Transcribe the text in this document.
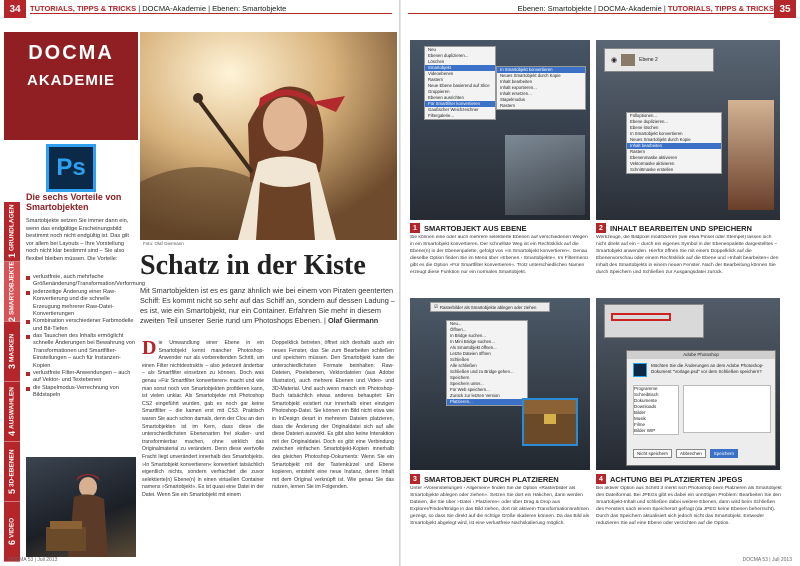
34	TUTORIALS, TIPPS & TRICKS | DOCMA-Akademie | Ebenen: Smartobjekte
DOCMA
AKADEMIE
Ps
1

GRUNDLAGEN
2

SMARTOBJEKTE
3

MASKEN
4

AUSWAHLEN
5

3D-EBENEN
6

VIDEO
Die sechs Vorteile von Smartobjekten
Smartobjekte setzen Sie immer dann ein, wenn das endgültige Erscheinungsbild bestimmt noch nicht endgültig ist. Das gilt vor allem bei Layouts – Ihre Vorstellung noch nicht klar bestimmt sind – Sie also flexibel bleiben müssen. Die Vorteile:
verlustfreie, auch mehrfache Größenänderung/Transformation/Verformung
jederzeitige Änderung einer Raw-Konvertierung und die schnelle Erzeugung mehrerer Raw-Datei-Konvertierungen
Kombination verschiedener Farbmodelle und Bit-Tiefen
das Tauschen des Inhalts ermöglicht schnelle Änderungen bei Bewahrung von Transformationen und Smartfilter-Einstellungen – auch für Instanzen-Kopien
verlustfreie Filter-Anwendungen – auch auf Vektor- und Textebenen
die Stapelmodus-Verrechnung von Bildstapeln
Foto: Olaf Giermann
Schatz in der Kiste
Mit Smartobjekten ist es es ganz ähnlich wie bei einem von Piraten geenterten Schiff: Es kommt nicht so sehr auf das Schiff an, sondern auf dessen Ladung – es ist, wie ein Smartobjekt, nur ein Container. Erfahren Sie mehr in diesem zweiten Teil unserer Serie rund um Photoshops Ebenen. | Olaf Giermann
D ie Umwandlung einer Ebene in ein Smartobjekt kennt mancher Photoshop-Anwender nur als vorbereitenden Schritt, um einen Filter nichtdestruktiv – also jederzeit änderbar – als Smartfilter einsetzen zu können. Doch was genau »Für Smartfilter konvertieren« macht und wie man sonst noch von Smartobjekten profitieren kann, ist vielen unklar. Als Smartobjekte mit Photoshop CS2 eingeführt wurden, gab es noch gar keine Smartfilter – die kamen erst mit CS3. Praktisch waren Sie auch schon damals, denn der Clou an den Smartobjekten ist im Kern, dass diese die unterschiedlichsten Ebenenarten frei skalier- und transformierbar machen, ohne wirklich das Originalmaterial zu verändern. Denn diese wertvolle Fracht liegt unverändert innerhalb des Smartobjekts. »In Smartobjekt konvertieren« konvertiert tatsächlich eigentlich nichts, sondern verfrachtet die zuvor selektierte(n) Ebene(n) in einen virtuellen Container namens »Smartobjekt«. Es ist quasi eine Datei in der Datei. Wenn Sie ein Smartobjekt mit einem
Doppelklick betreten, öffnet sich deshalb auch ein neues Fenster, das Sie zum Bearbeiten schließen und speichern müssen. Den Smartobjekt kann die unterschiedlichsten Formate beinhalten: Raw-Dateien, Pixelebenen, Vektordateien (aus Adobe Illustrator), auch mehrere Ebenen und Video- und 3D-Material. Und auch wenn manch ein Photoshop-Buch tatsächlich etwas anderes behauptet: Ein Smartobjekt existiert nur innerhalb einer einzigen Photoshop-Datei. Sie können ein Bild nicht etwa wie in InDesign derart in mehreren Dateien platzieren, dass die Änderung der Originaldatei sich auf alle diese Dateien auswirkt. Es gibt also keine Interaktion mit der Originaldatei. Doch es gibt eine Verbindung zwischen einfachen Smartobjekt-Kopien innerhalb des gleichen Photoshop-Dokuments: Wenn Sie ein Smartobjekt mit der Tastenkürzel und Ebene kopieren, entsteht eine neue Instanz, deren Inhalt mit dem Original verknüpft ist. Wie genau Sie das nutzen, lernen Sie im Folgenden.
DOCMA 53 | Juli 2013
Ebenen: Smartobjekte | DOCMA-Akademie | TUTORIALS, TIPPS & TRICKS 35
Neu
Ebenen duplizieren...
Löschen
Smartobjekt
Videoebenen
Rastern
Neue Ebene basierend auf Slice
Gruppieren
Ebenen ausrichten
Für Smartfilter konvertieren
Gaußscher Weichzeichner
Filtergalerie...
In Smartobjekt konvertieren
Neues Smartobjekt durch Kopie
Inhalt bearbeiten
Inhalt exportieren...
Inhalt ersetzen...
Stapelmodus
Rastern
◉	Ebene 2
Fülloptionen...
Ebene duplizieren...
Ebene löschen
In Smartobjekt konvertieren
Neues Smartobjekt durch Kopie
Inhalt bearbeiten
Rastern
Ebenenmaske aktivieren
Vektormaske aktivieren
Schnittmaske erstellen
1 SMARTOBJEKT AUS EBENE
Sie können eine oder auch mehrere selektierte Ebenen auf verschiedenen Wegen in ein Smartobjekt konvertieren. Der schnellste Weg ist ein Rechtsklick auf die Ebene(n) in der Ebenenpalette, gefolgt von »In Smartobjekt konvertieren«. Genau dieselbe Option finden Sie im Menü über »Ebenen › Smartobjekte«. Im Filtermenü gibt es die Option »Für Smartfilter konvertieren«. Trotz unterschiedlichen Namen erzeugt diese Funktion nur ein normales Smartobjekt.
2 INHALT BEARBEITEN UND SPEICHERN
Werkzeuge, die Bildpixel modifizieren (wie etwa Pinsel oder Stempel) lassen sich nicht direkt auf ein – durch ein eigenes Symbol in der Ebenenpalette dargestelltes – Smartobjekt anwenden. Hierfür öffnen Sie mit einem Doppelklick auf die Ebenenvorschau oder einem Rechtsklick auf die Ebene und »Inhalt bearbeiten« den Inhalt des Smartobjekts in einem neuen Fenster. Nach der Bearbeitung können Sie durch Speichern und Schließen zur Ausgangsdatei zurück.
☑ Rasterbilder als Smartobjekte ablegen oder ziehen
Neu...
Öffnen...
In Bridge suchen...
In Mini Bridge suchen...
Als Smartobjekt öffnen...
Letzte Dateien öffnen
Schließen
Alle schließen
Schließen und zu Bridge gehen...
Speichern
Speichern unter...
Für Web speichern...
Zurück zur letzten Version
Platzieren...
Adobe Photoshop
Möchten Sie die Änderungen an dem Adobe Photoshop-Dokument "Vorlage.psd" vor dem Schließen speichern?
Programme
Schreibtisch
Dokumente
Downloads
Bilder
Musik
Filme
Bilder WIP
Nicht speichern	Abbrechen	Speichern
3 SMARTOBJEKT DURCH PLATZIEREN
Unter »Voreinstellungen › Allgemein« finden Sie die Option »Rasterbilder als Smartobjekte ablegen oder ziehen«. Setzen Sie dort ein Häkchen, dann werden Dateien, die Sie über »Datei › Platzieren« oder über Drag & Drop aus Explorer/Finder/Bridge in das Bild ziehen, dort mit aktivem Transformationsrahmen gezeigt, so dass Sie direkt auf die richtige Größe skalieren können. Da das Bild als Smartobjekt abgelegt wird, ist eine verlustfreie Nachskalierung möglich.
4 ACHTUNG BEI PLATZIERTEN JPEGS
Bei aktiver Option aus Schritt 3 merkt sich Photoshop beim Platzieren als Smartobjekt den Dateiformat. Bei JPEGs gibt es dabei ein unnötigen Problem: Bearbeiten Sie den Smartobjekt-Inhalt und schließen dabei weitere Ebenen, dann wird beim Schließen des Fensters nach einem Speicherort gefragt (da JPEG keine Ebenen beherrscht). Durch das Speichern aktualisiert sich jedoch nicht das Smartobjekt. Entweder reduzieren Sie auf eine Ebene oder verzichten auf die Option.
DOCMA 53 | Juli 2013
